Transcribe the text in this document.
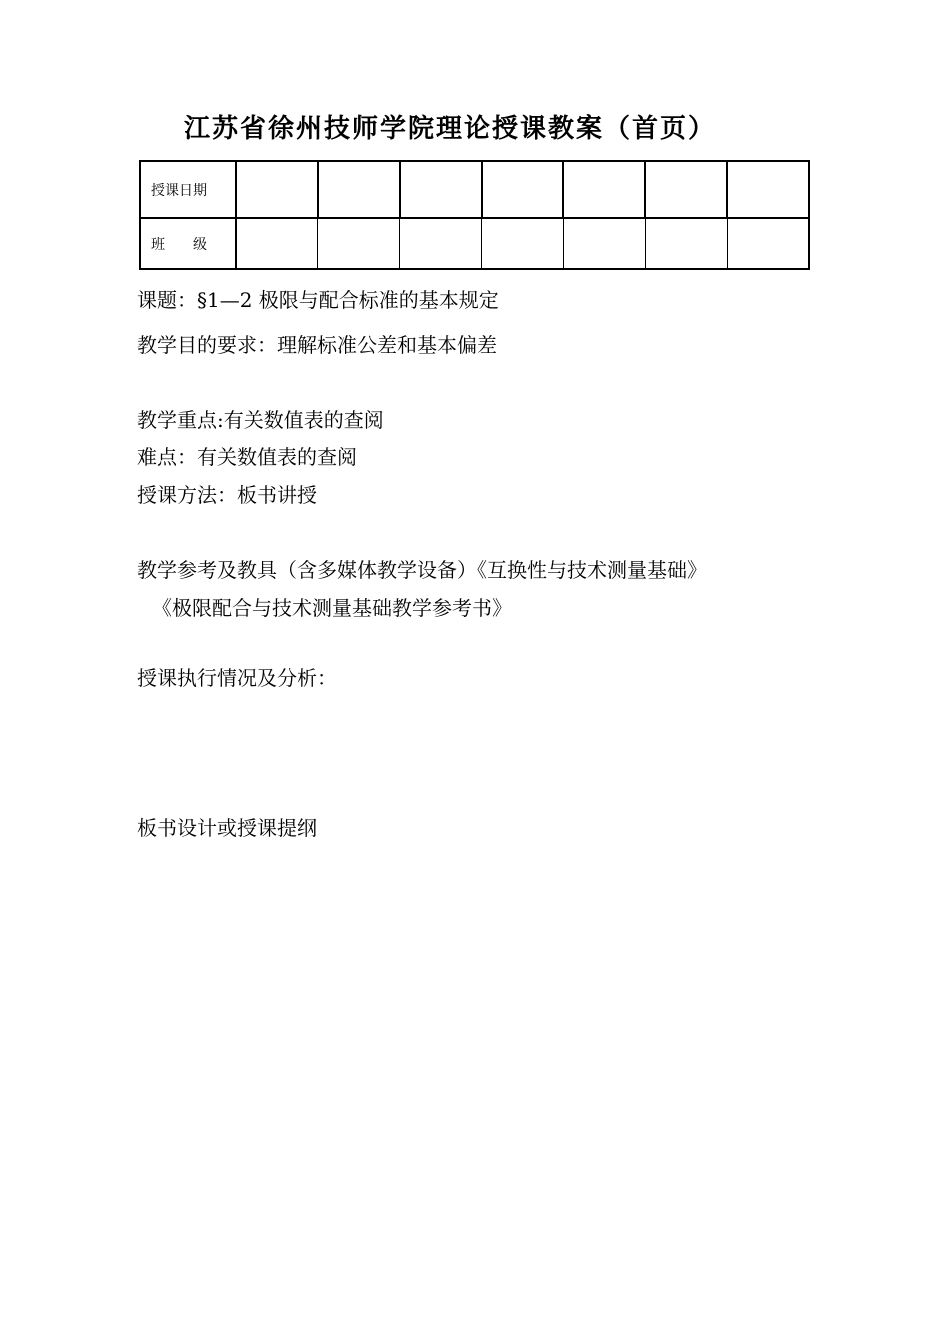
江苏省徐州技师学院理论授课教案（首页）
授课日期							
班　　级							
课题：§1—2 极限与配合标准的基本规定
教学目的要求：理解标准公差和基本偏差
教学重点:有关数值表的查阅
难点：有关数值表的查阅
授课方法：板书讲授
教学参考及教具（含多媒体教学设备）《互换性与技术测量基础》
《极限配合与技术测量基础教学参考书》
授课执行情况及分析：
板书设计或授课提纲
